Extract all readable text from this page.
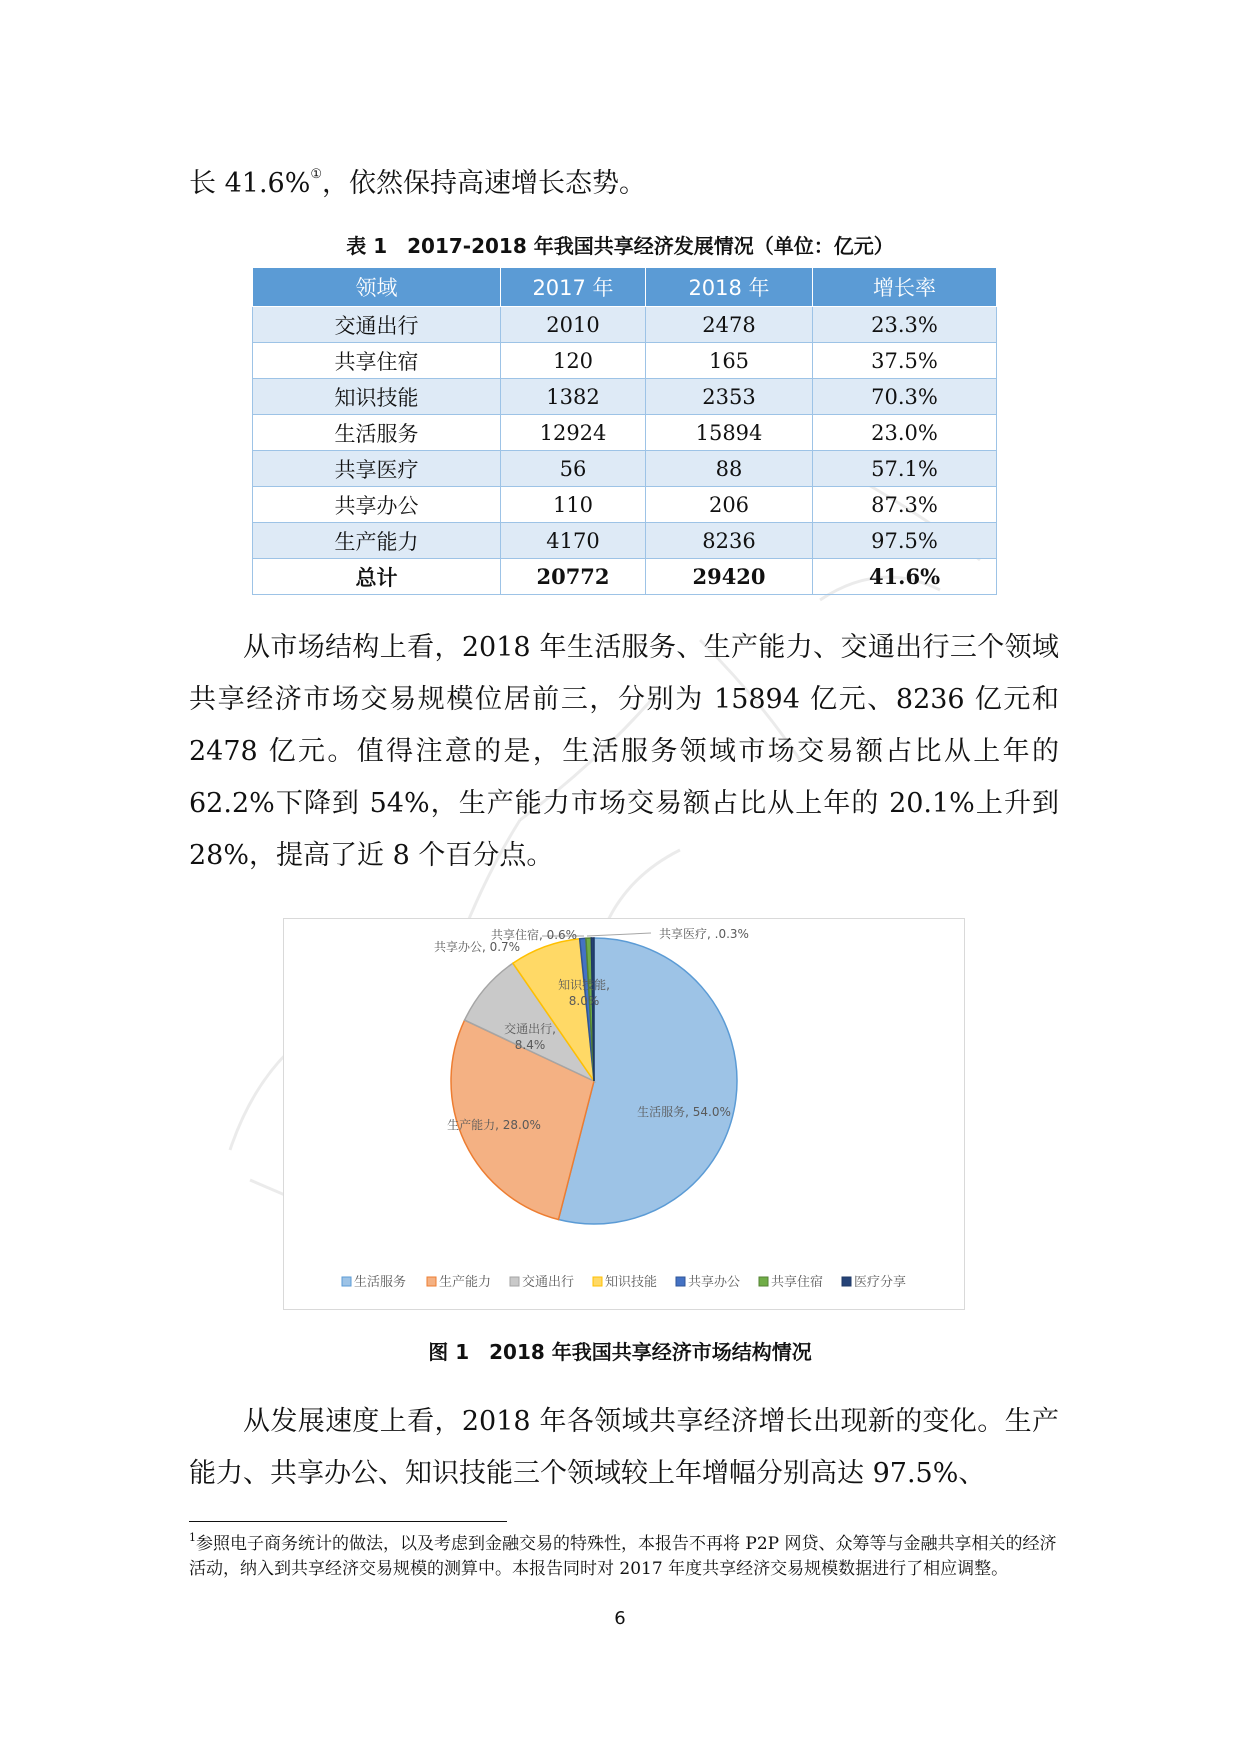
长 41.6%①，依然保持高速增长态势。

表 1　2017-2018 年我国共享经济发展情况（单位：亿元）
领域	2017 年	2018 年	增长率
交通出行	2010	2478	23.3%
共享住宿	120	165	37.5%
知识技能	1382	2353	70.3%
生活服务	12924	15894	23.0%
共享医疗	56	88	57.1%
共享办公	110	206	87.3%
生产能力	4170	8236	97.5%
总计	20772	29420	41.6%

从市场结构上看，2018 年生活服务、生产能力、交通出行三个领域共享经济市场交易规模位居前三，分别为 15894 亿元、8236 亿元和 2478 亿元。值得注意的是，生活服务领域市场交易额占比从上年的 62.2%下降到 54%，生产能力市场交易额占比从上年的 20.1%上升到 28%，提高了近 8 个百分点。

生活服务, 54.0%
生产能力, 28.0%
交通出行,
8.4%
知识技能,
8.0%
共享办公, 0.7%
共享住宿, 0.6%	共享医疗, .0.3%
生活服务	生产能力 交通出行 知识技能 共享办公 共享住宿 医疗分享
图 1　2018 年我国共享经济市场结构情况

从发展速度上看，2018 年各领域共享经济增长出现新的变化。生产能力、共享办公、知识技能三个领域较上年增幅分别高达 97.5%、

$^1$参照电子商务统计的做法，以及考虑到金融交易的特殊性，本报告不再将 P2P 网贷、众筹等与金融共享相关的经济活动，纳入到共享经济交易规模的测算中。本报告同时对 2017 年度共享经济交易规模数据进行了相应调整。

6
